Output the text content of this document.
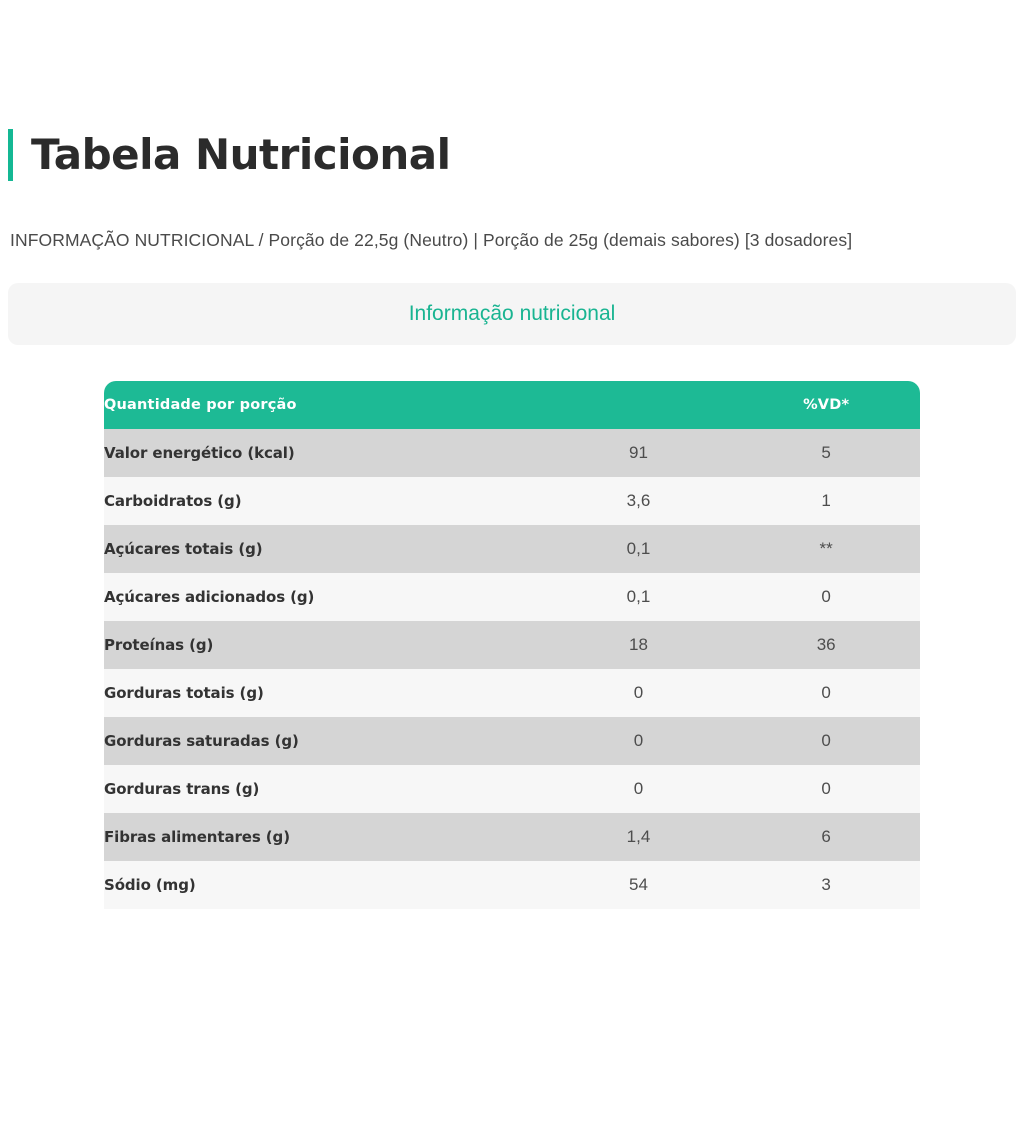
Tabela Nutricional
INFORMAÇÃO NUTRICIONAL / Porção de 22,5g (Neutro) | Porção de 25g (demais sabores) [3 dosadores]
Informação nutricional
Quantidade por porção		%VD*
Valor energético (kcal)	91	5
Carboidratos (g)	3,6	1
Açúcares totais (g)	0,1	**
Açúcares adicionados (g)	0,1	0
Proteínas (g)	18	36
Gorduras totais (g)	0	0
Gorduras saturadas (g)	0	0
Gorduras trans (g)	0	0
Fibras alimentares (g)	1,4	6
Sódio (mg)	54	3
